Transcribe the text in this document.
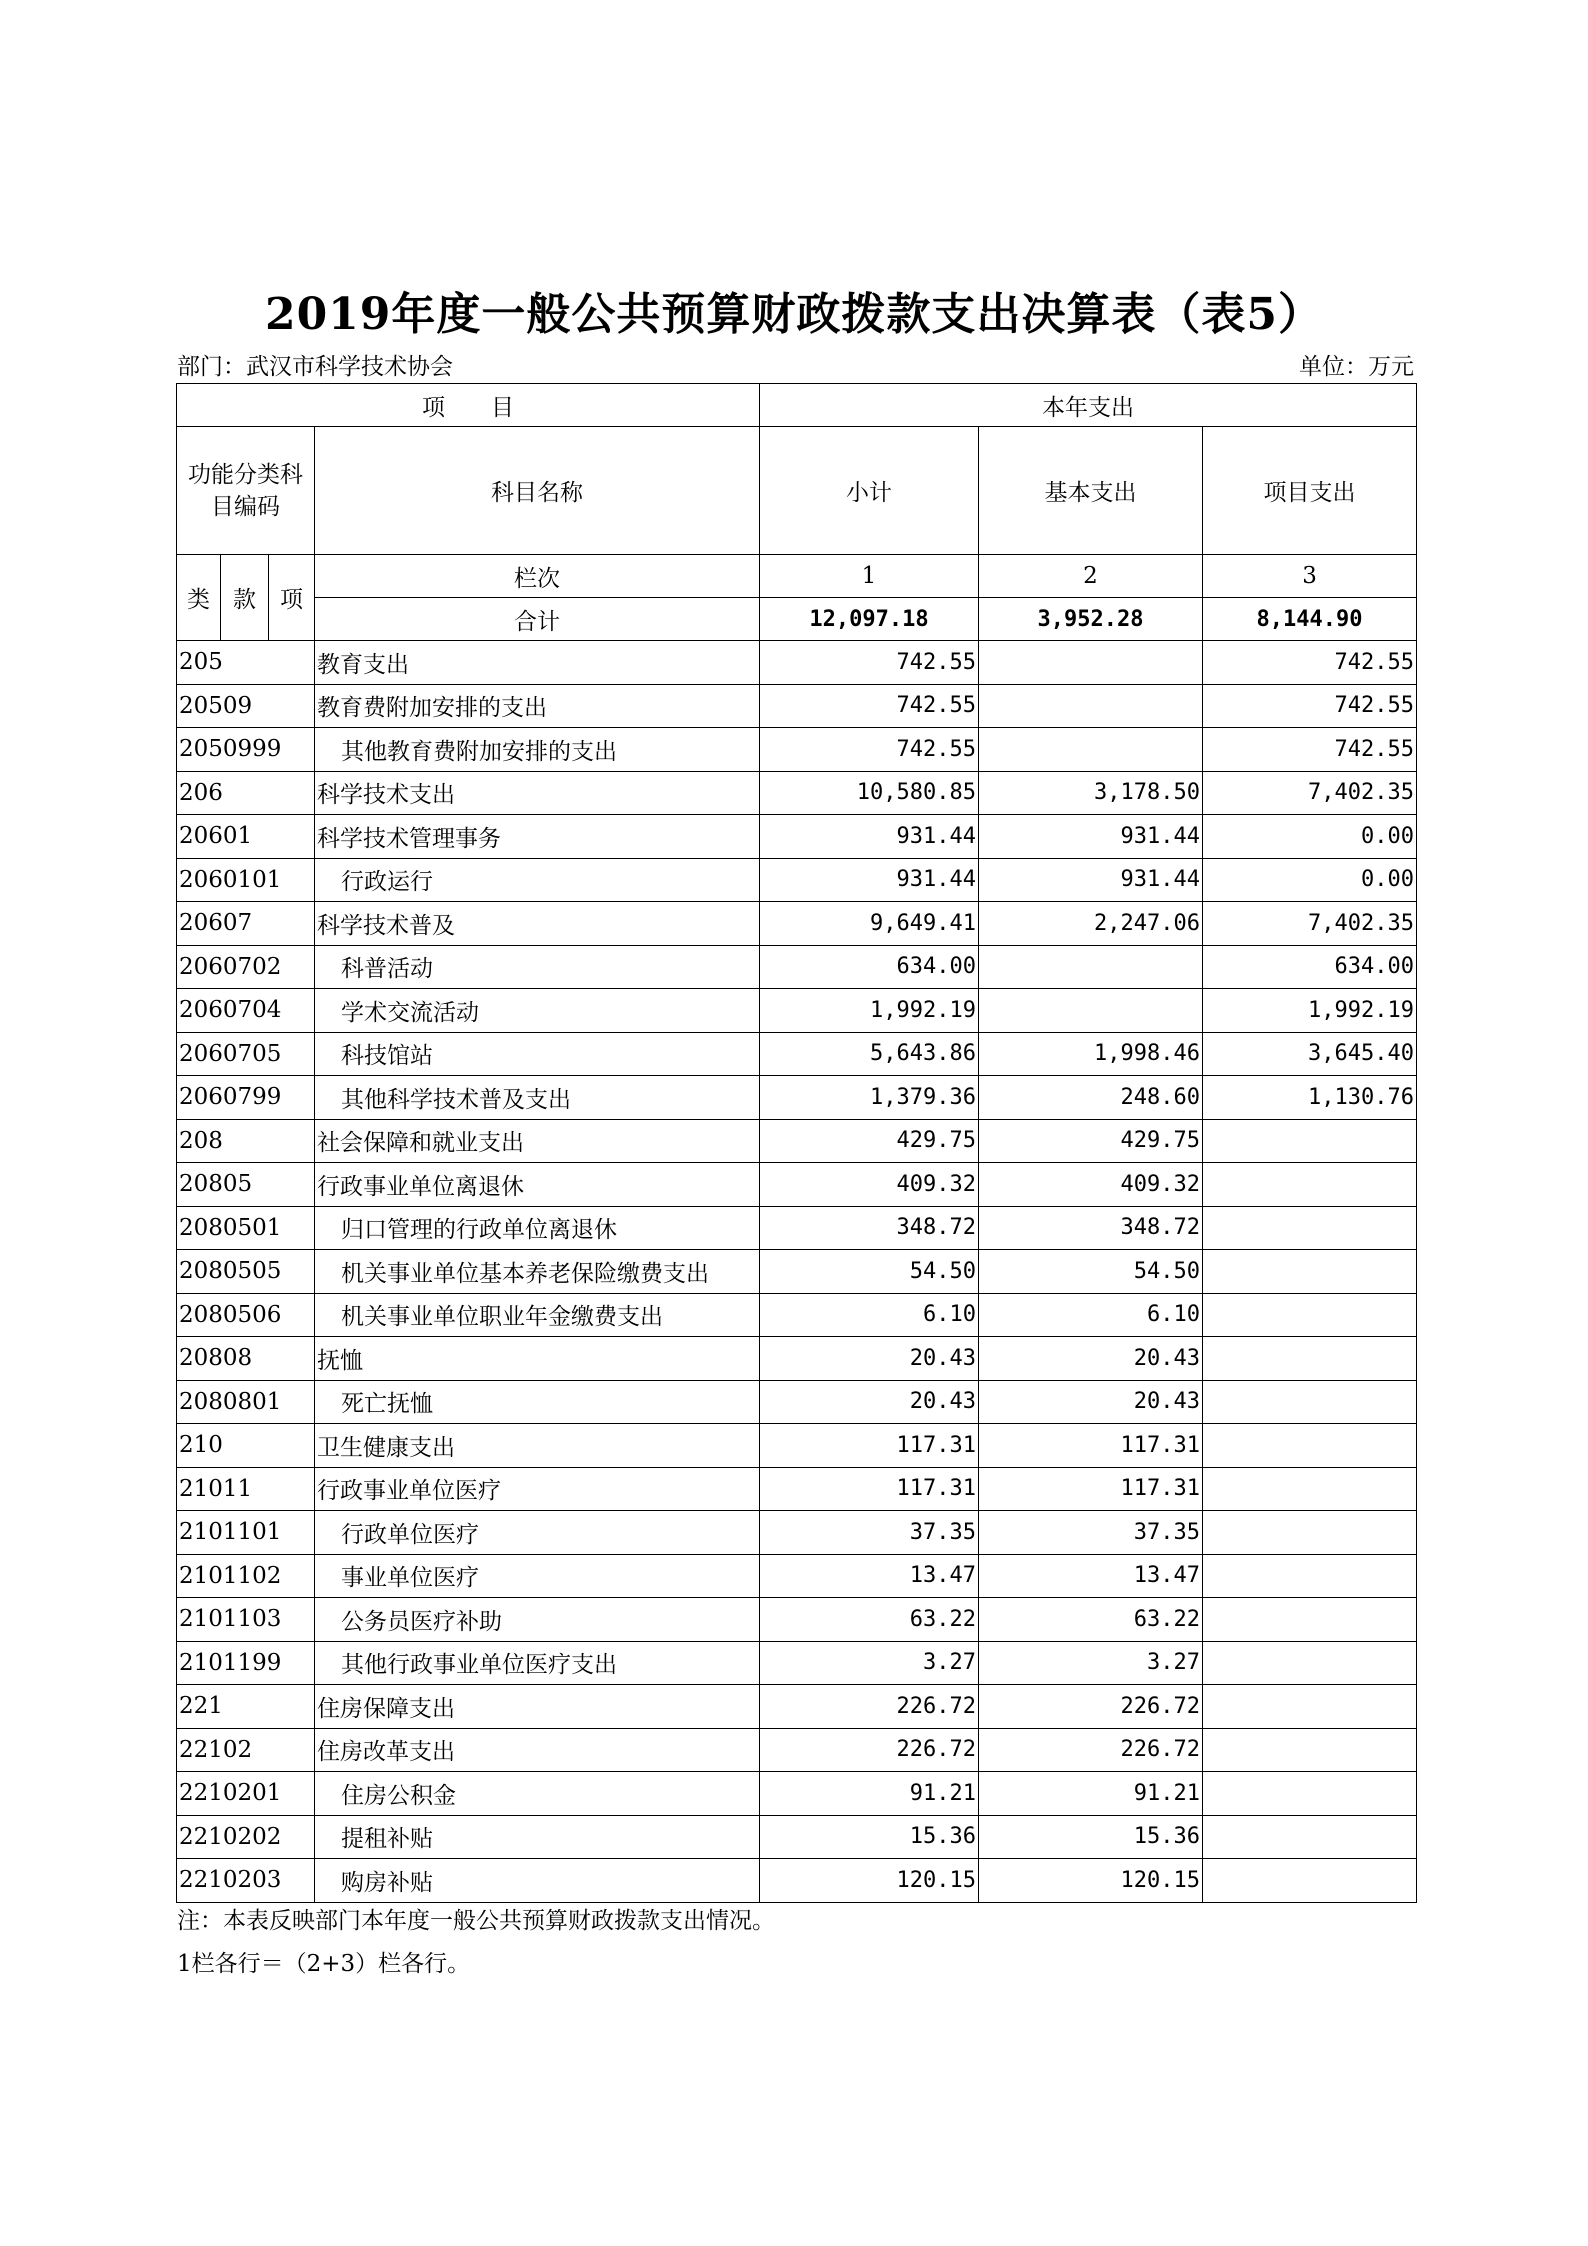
2019年度一般公共预算财政拨款支出决算表（表5）
部门：武汉市科学技术协会	单位：万元
项　　目				本年支出		
功能分类科目编码			科目名称	小计	基本支出	项目支出
类	款	项	栏次	1	2	3
			合计	12,097.18	3,952.28	8,144.90
205			教育支出	742.55		742.55
20509			教育费附加安排的支出	742.55		742.55
2050999			其他教育费附加安排的支出	742.55		742.55
206			科学技术支出	10,580.85	3,178.50	7,402.35
20601			科学技术管理事务	931.44	931.44	0.00
2060101			行政运行	931.44	931.44	0.00
20607			科学技术普及	9,649.41	2,247.06	7,402.35
2060702			科普活动	634.00		634.00
2060704			学术交流活动	1,992.19		1,992.19
2060705			科技馆站	5,643.86	1,998.46	3,645.40
2060799			其他科学技术普及支出	1,379.36	248.60	1,130.76
208			社会保障和就业支出	429.75	429.75	
20805			行政事业单位离退休	409.32	409.32	
2080501			归口管理的行政单位离退休	348.72	348.72	
2080505			机关事业单位基本养老保险缴费支出	54.50	54.50	
2080506			机关事业单位职业年金缴费支出	6.10	6.10	
20808			抚恤	20.43	20.43	
2080801			死亡抚恤	20.43	20.43	
210			卫生健康支出	117.31	117.31	
21011			行政事业单位医疗	117.31	117.31	
2101101			行政单位医疗	37.35	37.35	
2101102			事业单位医疗	13.47	13.47	
2101103			公务员医疗补助	63.22	63.22	
2101199			其他行政事业单位医疗支出	3.27	3.27	
221			住房保障支出	226.72	226.72	
22102			住房改革支出	226.72	226.72	
2210201			住房公积金	91.21	91.21	
2210202			提租补贴	15.36	15.36	
2210203			购房补贴	120.15	120.15	
注：本表反映部门本年度一般公共预算财政拨款支出情况。
1栏各行＝（2+3）栏各行。
